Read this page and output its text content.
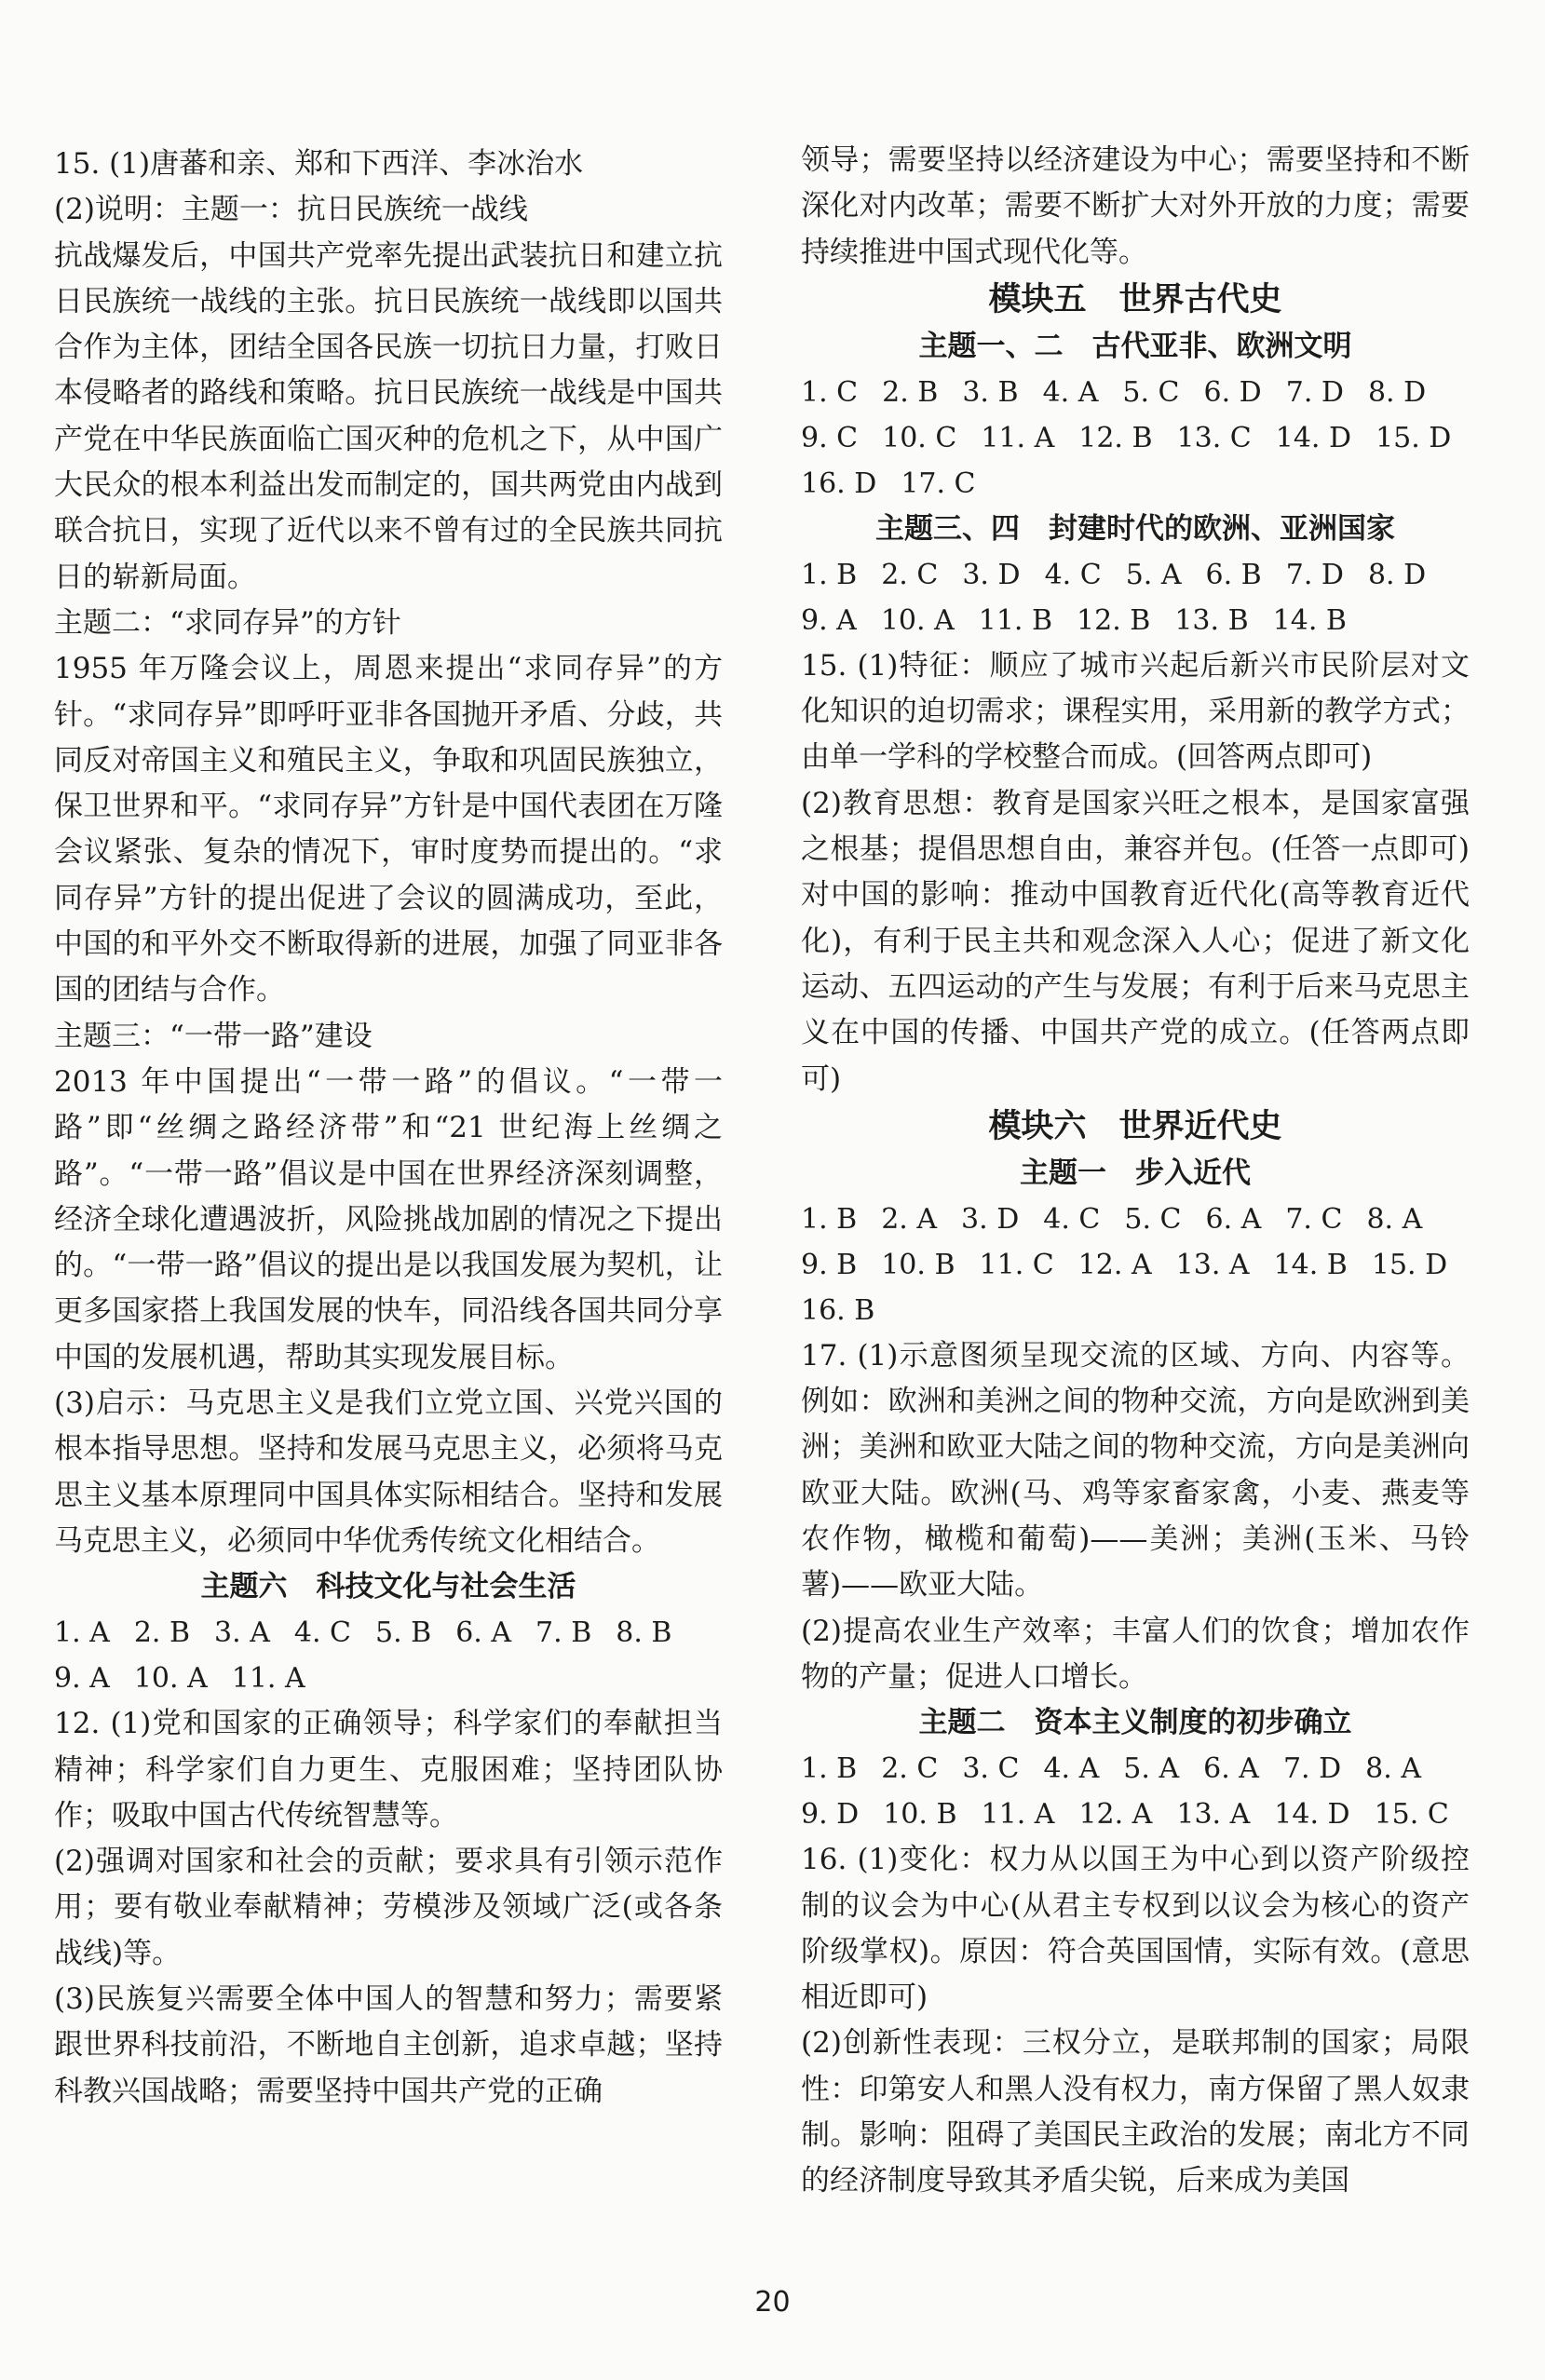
15. (1)唐蕃和亲、郑和下西洋、李冰治水

(2)说明：主题一：抗日民族统一战线

抗战爆发后，中国共产党率先提出武装抗日和建立抗日民族统一战线的主张。抗日民族统一战线即以国共合作为主体，团结全国各民族一切抗日力量，打败日本侵略者的路线和策略。抗日民族统一战线是中国共产党在中华民族面临亡国灭种的危机之下，从中国广大民众的根本利益出发而制定的，国共两党由内战到联合抗日，实现了近代以来不曾有过的全民族共同抗日的崭新局面。

主题二：“求同存异”的方针

1955 年万隆会议上，周恩来提出“求同存异”的方针。“求同存异”即呼吁亚非各国抛开矛盾、分歧，共同反对帝国主义和殖民主义，争取和巩固民族独立，保卫世界和平。“求同存异”方针是中国代表团在万隆会议紧张、复杂的情况下，审时度势而提出的。“求同存异”方针的提出促进了会议的圆满成功，至此，中国的和平外交不断取得新的进展，加强了同亚非各国的团结与合作。

主题三：“一带一路”建设

2013 年中国提出“一带一路”的倡议。“一带一路”即“丝绸之路经济带”和“21 世纪海上丝绸之路”。“一带一路”倡议是中国在世界经济深刻调整，经济全球化遭遇波折，风险挑战加剧的情况之下提出的。“一带一路”倡议的提出是以我国发展为契机，让更多国家搭上我国发展的快车，同沿线各国共同分享中国的发展机遇，帮助其实现发展目标。

(3)启示：马克思主义是我们立党立国、兴党兴国的根本指导思想。坚持和发展马克思主义，必须将马克思主义基本原理同中国具体实际相结合。坚持和发展马克思主义，必须同中华优秀传统文化相结合。

主题六　科技文化与社会生活

1. A 2. B 3. A 4. C 5. B 6. A 7. B 8. B

9. A 10. A 11. A

12. (1)党和国家的正确领导；科学家们的奉献担当精神；科学家们自力更生、克服困难；坚持团队协作；吸取中国古代传统智慧等。

(2)强调对国家和社会的贡献；要求具有引领示范作用；要有敬业奉献精神；劳模涉及领域广泛(或各条战线)等。

(3)民族复兴需要全体中国人的智慧和努力；需要紧跟世界科技前沿，不断地自主创新，追求卓越；坚持科教兴国战略；需要坚持中国共产党的正确

领导；需要坚持以经济建设为中心；需要坚持和不断深化对内改革；需要不断扩大对外开放的力度；需要持续推进中国式现代化等。

模块五　世界古代史

主题一、二　古代亚非、欧洲文明

1. C 2. B 3. B 4. A 5. C 6. D 7. D 8. D

9. C 10. C 11. A 12. B 13. C 14. D 15. D

16. D 17. C

主题三、四　封建时代的欧洲、亚洲国家

1. B 2. C 3. D 4. C 5. A 6. B 7. D 8. D

9. A 10. A 11. B 12. B 13. B 14. B

15. (1)特征：顺应了城市兴起后新兴市民阶层对文化知识的迫切需求；课程实用，采用新的教学方式；由单一学科的学校整合而成。(回答两点即可)

(2)教育思想：教育是国家兴旺之根本，是国家富强之根基；提倡思想自由，兼容并包。(任答一点即可)对中国的影响：推动中国教育近代化(高等教育近代化)，有利于民主共和观念深入人心；促进了新文化运动、五四运动的产生与发展；有利于后来马克思主义在中国的传播、中国共产党的成立。(任答两点即可)

模块六　世界近代史

主题一　步入近代

1. B 2. A 3. D 4. C 5. C 6. A 7. C 8. A

9. B 10. B 11. C 12. A 13. A 14. B 15. D

16. B

17. (1)示意图须呈现交流的区域、方向、内容等。例如：欧洲和美洲之间的物种交流，方向是欧洲到美洲；美洲和欧亚大陆之间的物种交流，方向是美洲向欧亚大陆。欧洲(马、鸡等家畜家禽，小麦、燕麦等农作物，橄榄和葡萄)——美洲；美洲(玉米、马铃薯)——欧亚大陆。

(2)提高农业生产效率；丰富人们的饮食；增加农作物的产量；促进人口增长。

主题二　资本主义制度的初步确立

1. B 2. C 3. C 4. A 5. A 6. A 7. D 8. A

9. D 10. B 11. A 12. A 13. A 14. D 15. C

16. (1)变化：权力从以国王为中心到以资产阶级控制的议会为中心(从君主专权到以议会为核心的资产阶级掌权)。原因：符合英国国情，实际有效。(意思相近即可)

(2)创新性表现：三权分立，是联邦制的国家；局限性：印第安人和黑人没有权力，南方保留了黑人奴隶制。影响：阻碍了美国民主政治的发展；南北方不同的经济制度导致其矛盾尖锐，后来成为美国

20
